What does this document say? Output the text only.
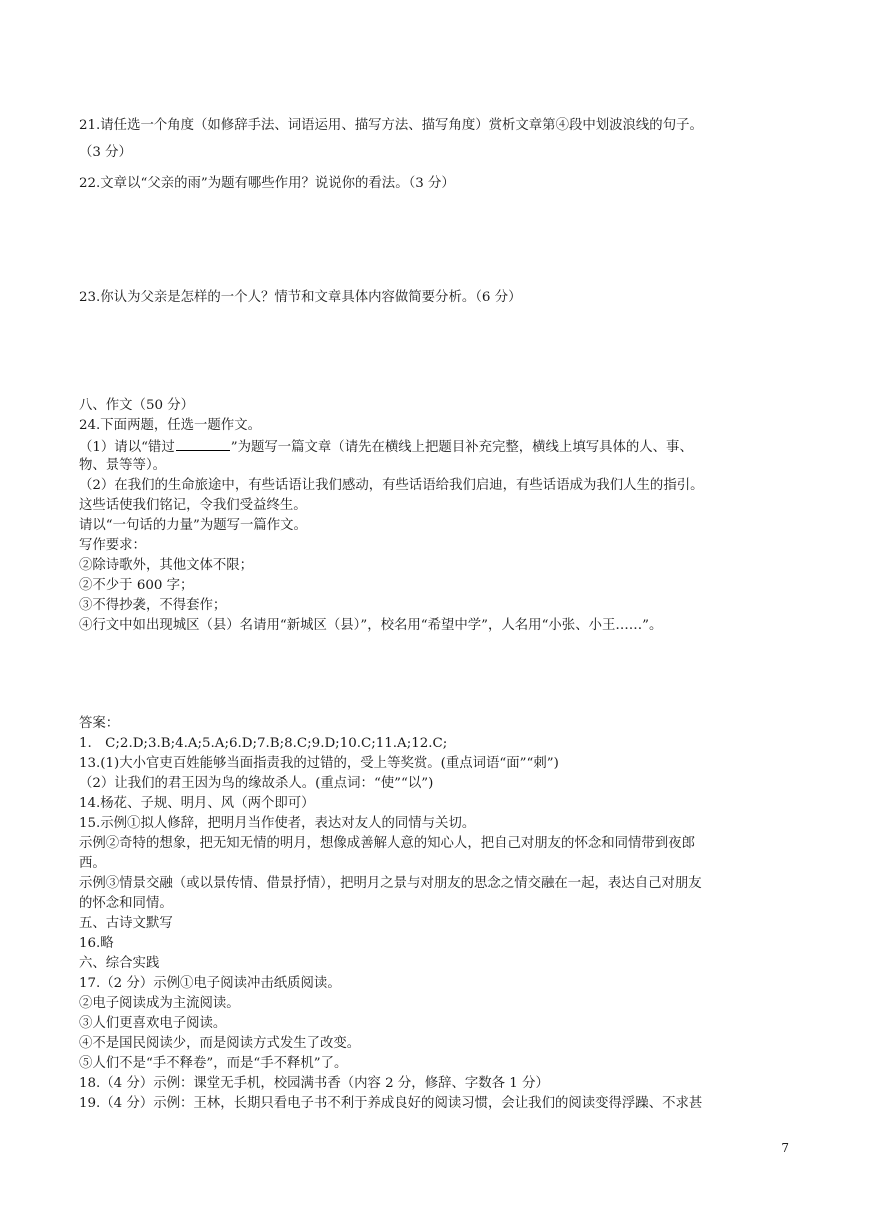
21.请任选一个角度（如修辞手法、词语运用、描写方法、描写角度）赏析文章第④段中划波浪线的句子。

（3 分）

22.文章以“父亲的雨”为题有哪些作用？说说你的看法。（3 分）

23.你认为父亲是怎样的一个人？情节和文章具体内容做简要分析。（6 分）

八、作文（50 分）

24.下面两题，任选一题作文。

（1）请以“错过	”为题写一篇文章（请先在横线上把题目补充完整，横线上填写具体的人、事、

物、景等等）。

（2）在我们的生命旅途中，有些话语让我们感动，有些话语给我们启迪，有些话语成为我们人生的指引。

这些话使我们铭记，令我们受益终生。

请以“一句话的力量”为题写一篇作文。

写作要求：

②除诗歌外，其他文体不限；

②不少于 600 字；

③不得抄袭，不得套作；

④行文中如出现城区（县）名请用“新城区（县）”，校名用“希望中学”，人名用“小张、小王……”。

答案：

1.　C;2.D;3.B;4.A;5.A;6.D;7.B;8.C;9.D;10.C;11.A;12.C;

13.(1)大小官吏百姓能够当面指责我的过错的，受上等奖赏。(重点词语“面”“刺”)

（2）让我们的君王因为鸟的缘故杀人。(重点词：“使”“以”)

14.杨花、子规、明月、风（两个即可）

15.示例①拟人修辞，把明月当作使者，表达对友人的同情与关切。

示例②奇特的想象，把无知无情的明月，想像成善解人意的知心人，把自己对朋友的怀念和同情带到夜郎

西。

示例③情景交融（或以景传情、借景抒情），把明月之景与对朋友的思念之情交融在一起，表达自己对朋友

的怀念和同情。

五、古诗文默写

16.略

六、综合实践

17.（2 分）示例①电子阅读冲击纸质阅读。

②电子阅读成为主流阅读。

③人们更喜欢电子阅读。

④不是国民阅读少，而是阅读方式发生了改变。

⑤人们不是“手不释卷”，而是“手不释机”了。

18.（4 分）示例：课堂无手机，校园满书香（内容 2 分，修辞、字数各 1 分）

19.（4 分）示例：王林，长期只看电子书不利于养成良好的阅读习惯，会让我们的阅读变得浮躁、不求甚

7
